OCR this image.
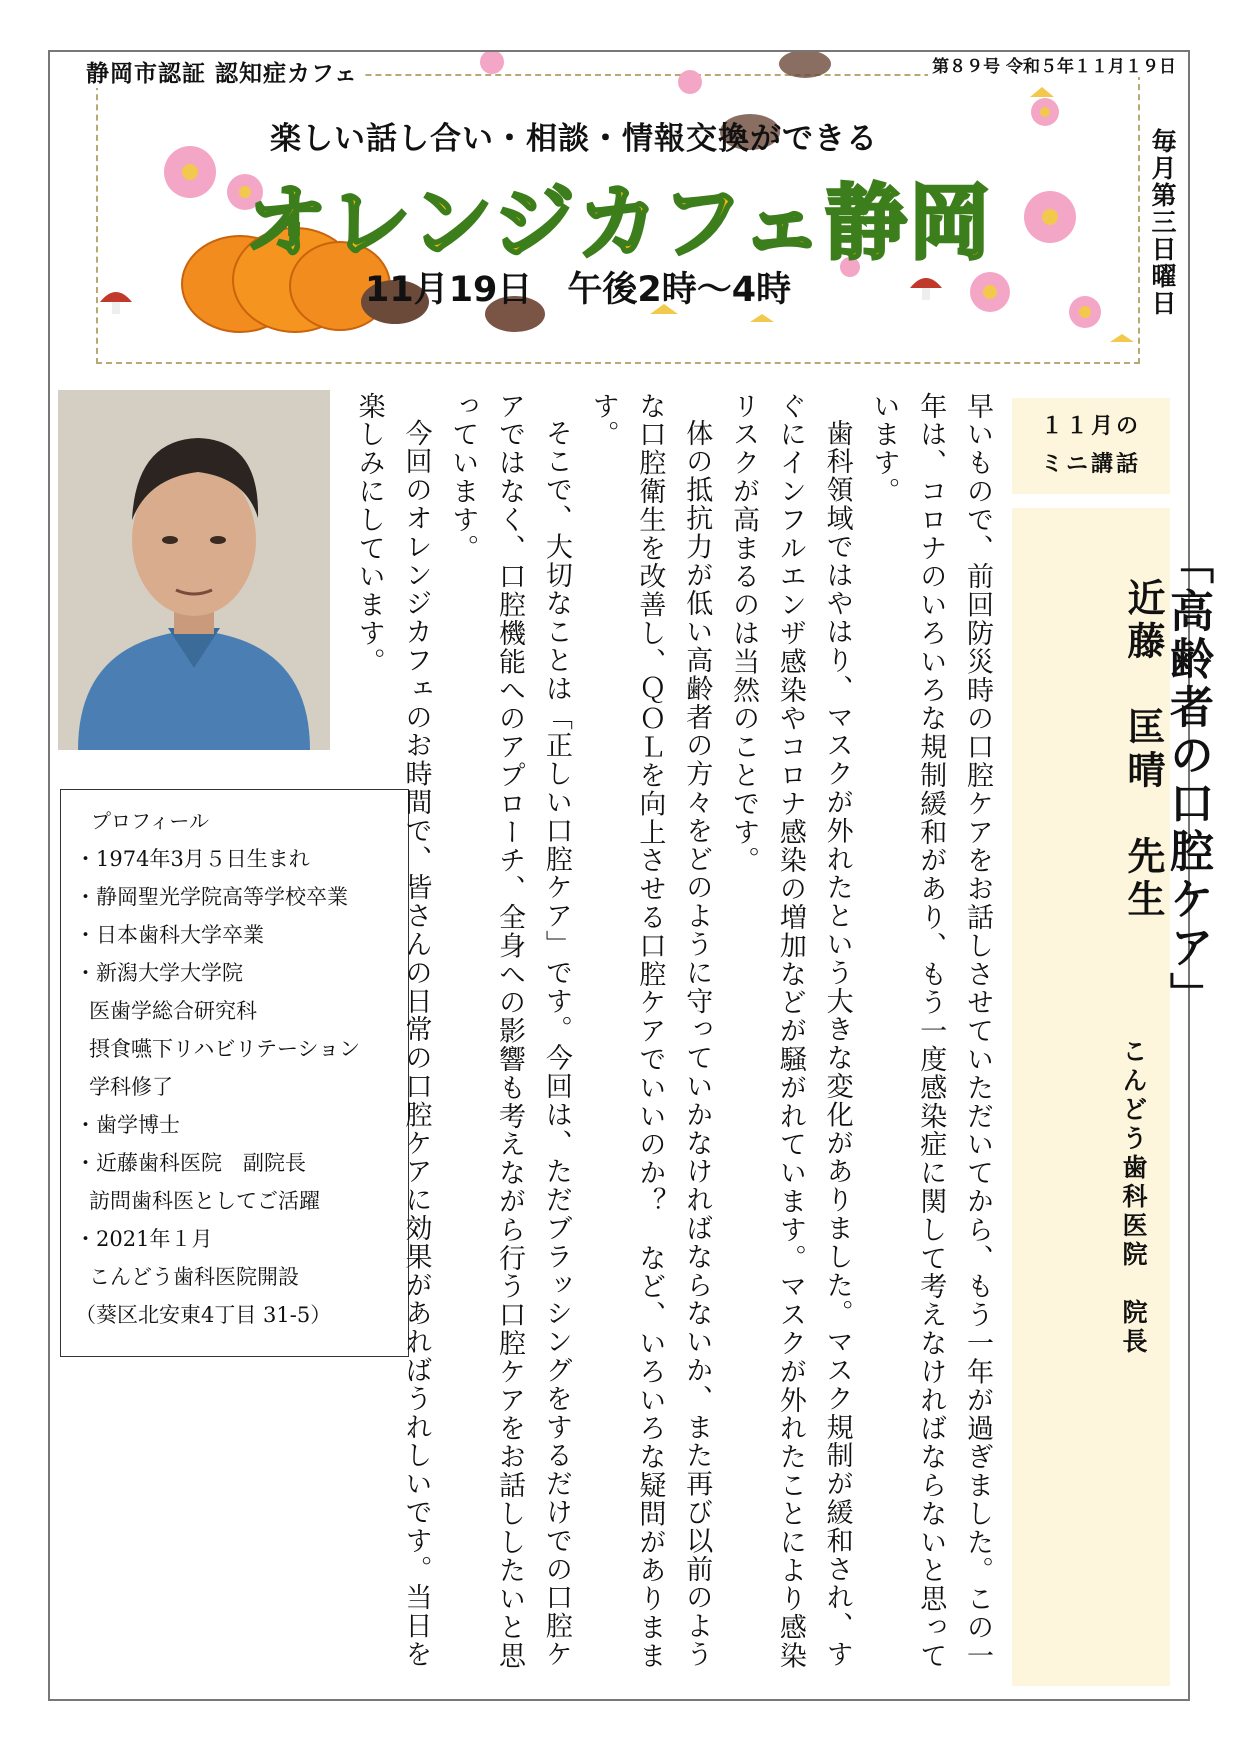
静岡市認証 認知症カフェ	第８９号 令和５年１１月１９日
楽しい話し合い・相談・情報交換ができる
オレンジカフェ静岡
11月19日　午後2時～4時	毎月第三日曜日
プロフィール
・1974年3月５日生まれ
・静岡聖光学院高等学校卒業
・日本歯科大学卒業
・新潟大学大学院
医歯学総合研究科
摂食嚥下リハビリテーション
学科修了
・歯学博士
・近藤歯科医院　副院長
訪問歯科医としてご活躍
・2021年１月
こんどう歯科医院開設
（葵区北安東4丁目 31-5）	早いもので、前回防災時の口腔ケアをお話しさせていただいてから、もう一年が過ぎました。この一年は、コロナのいろいろな規制緩和があり、もう一度感染症に関して考えなければならないと思っています。

歯科領域ではやはり、マスクが外れたという大きな変化がありました。マスク規制が緩和され、すぐにインフルエンザ感染やコロナ感染の増加などが騒がれています。マスクが外れたことにより感染リスクが高まるのは当然のことです。

体の抵抗力が低い高齢者の方々をどのように守っていかなければならないか、また再び以前のような口腔衛生を改善し、ＱＯＬを向上させる口腔ケアでいいのか？　など、いろいろな疑問がありまます。

そこで、大切なことは「正しい口腔ケア」です。今回は、ただブラッシングをするだけでの口腔ケアではなく、口腔機能へのアプローチ、全身への影響も考えながら行う口腔ケアをお話ししたいと思っています。

今回のオレンジカフェのお時間で、皆さんの日常の口腔ケアに効果があればうれしいです。当日を楽しみにしています。	１１月の
ミニ講話
「高齢者の口腔ケア」
近藤　匡晴　先生
こんどう歯科医院　院長
